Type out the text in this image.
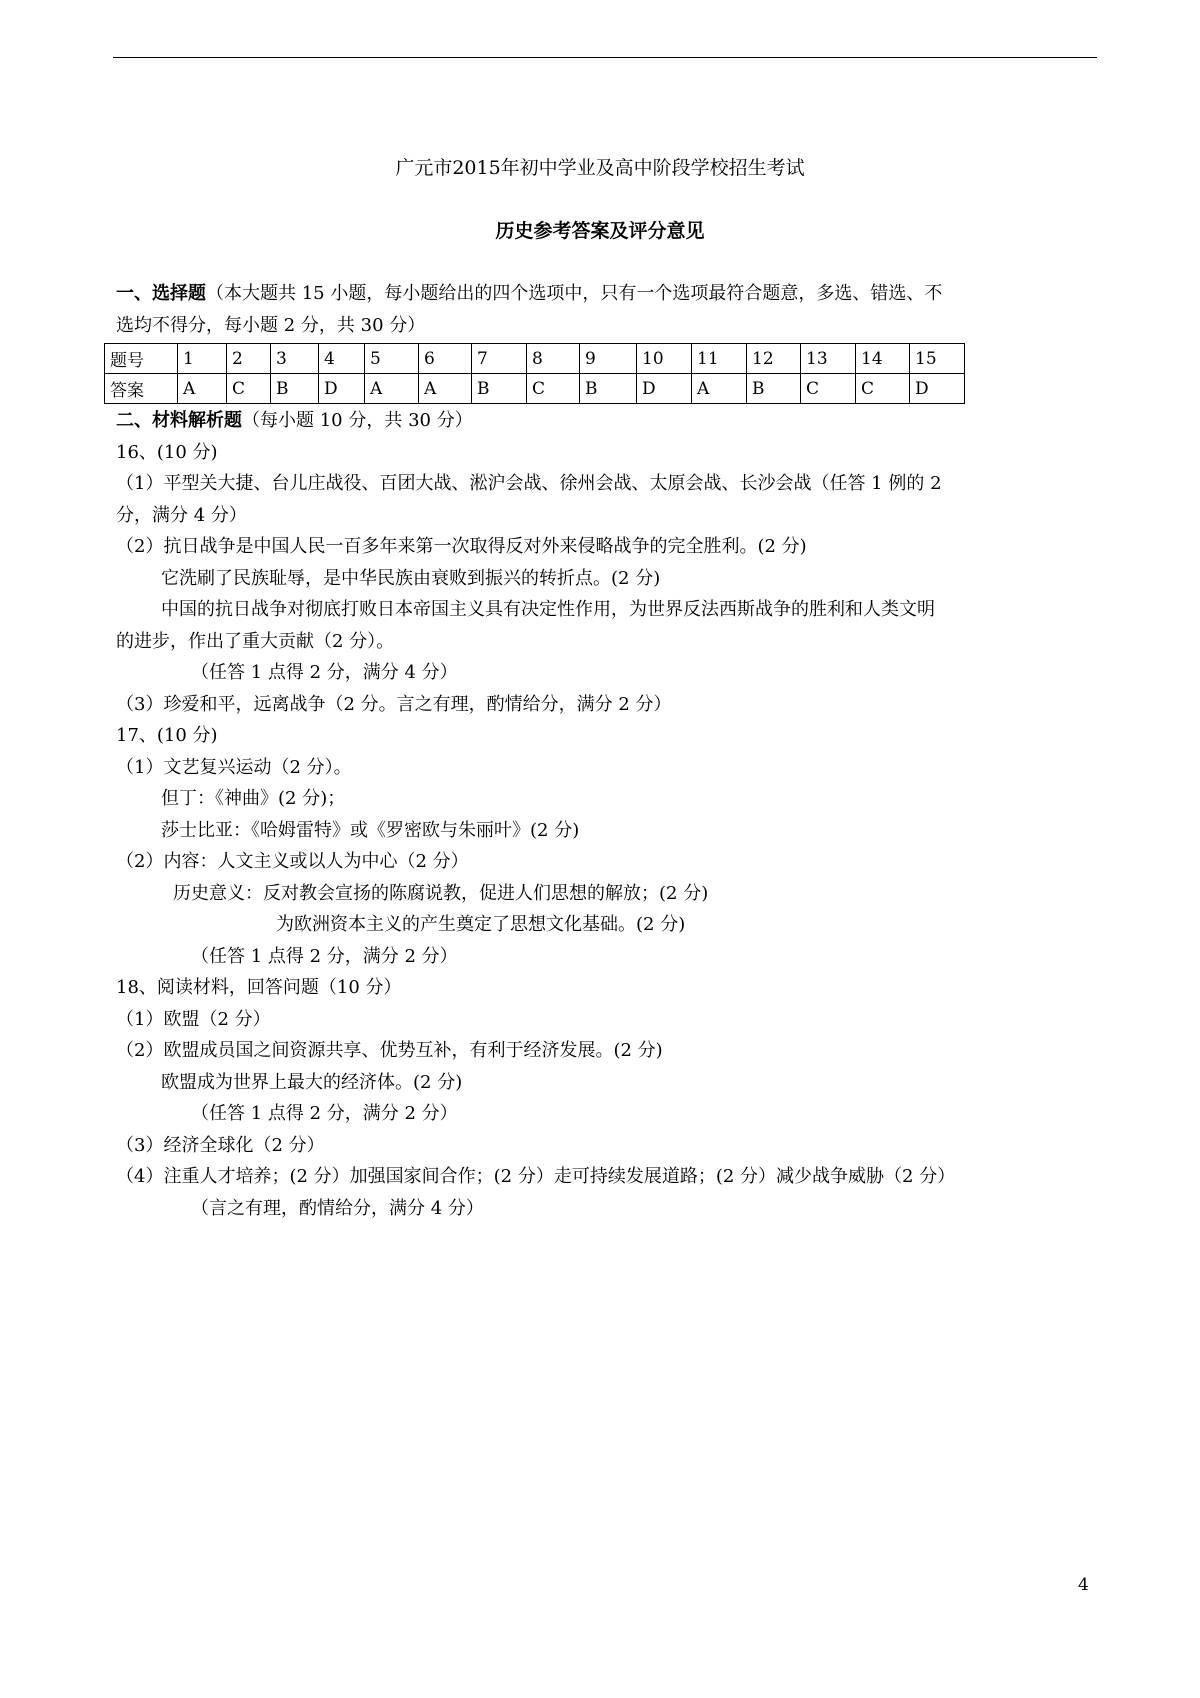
广元市2015年初中学业及高中阶段学校招生考试
历史参考答案及评分意见
一、选择题（本大题共 15 小题，每小题给出的四个选项中，只有一个选项最符合题意，多选、错选、不
选均不得分，每小题 2 分，共 30 分）
题号	1	2	3	4	5	6	7	8	9	10	11	12	13	14	15
答案	A	C	B	D	A	A	B	C	B	D	A	B	C	C	D
二、材料解析题（每小题 10 分，共 30 分）
16、(10 分)
（1）平型关大捷、台儿庄战役、百团大战、淞沪会战、徐州会战、太原会战、长沙会战（任答 1 例的 2
分，满分 4 分）
（2）抗日战争是中国人民一百多年来第一次取得反对外来侵略战争的完全胜利。(2 分)
它洗刷了民族耻辱，是中华民族由衰败到振兴的转折点。(2 分)
中国的抗日战争对彻底打败日本帝国主义具有决定性作用，为世界反法西斯战争的胜利和人类文明
的进步，作出了重大贡献（2 分）。
（任答 1 点得 2 分，满分 4 分）
（3）珍爱和平，远离战争（2 分。言之有理，酌情给分，满分 2 分）
17、(10 分)
（1）文艺复兴运动（2 分）。
但丁：《神曲》(2 分)；
莎士比亚：《哈姆雷特》或《罗密欧与朱丽叶》(2 分)
（2）内容：人文主义或以人为中心（2 分）
历史意义：反对教会宣扬的陈腐说教，促进人们思想的解放；(2 分)
为欧洲资本主义的产生奠定了思想文化基础。(2 分)
（任答 1 点得 2 分，满分 2 分）
18、阅读材料，回答问题（10 分）
（1）欧盟（2 分）
（2）欧盟成员国之间资源共享、优势互补，有利于经济发展。(2 分)
欧盟成为世界上最大的经济体。(2 分)
（任答 1 点得 2 分，满分 2 分）
（3）经济全球化（2 分）
（4）注重人才培养；(2 分）加强国家间合作；(2 分）走可持续发展道路；(2 分）减少战争威胁（2 分）
（言之有理，酌情给分，满分 4 分）
4
